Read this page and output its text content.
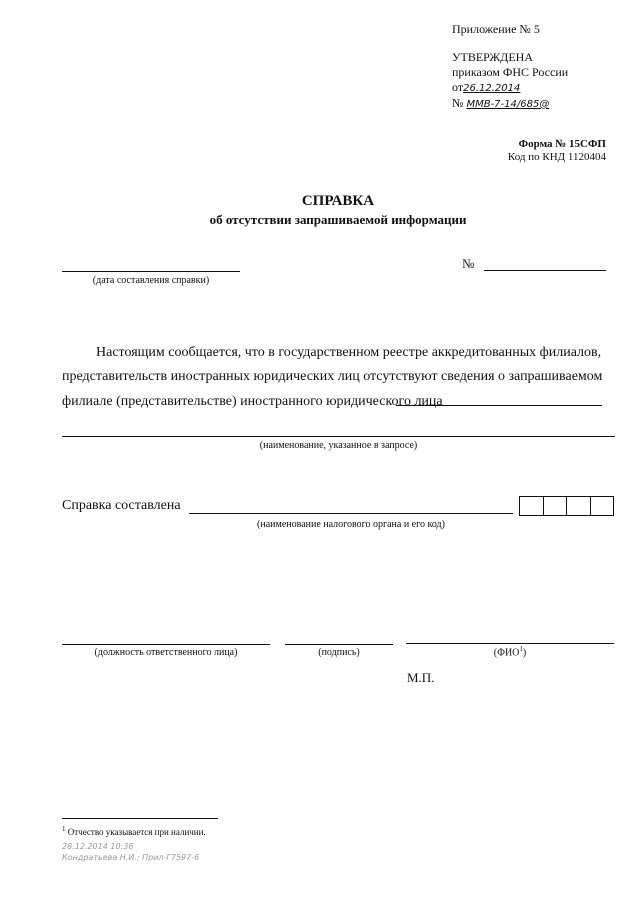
Приложение № 5
УТВЕРЖДЕНА
приказом ФНС России
от26.12.2014
№ ММВ-7-14/685@
Форма № 15СФП
Код по КНД 1120404
СПРАВКА
об отсутствии запрашиваемой информации
(дата составления справки)
№
Настоящим сообщается, что в государственном реестре аккредитованных филиалов,
представительств иностранных юридических лиц отсутствуют сведения о запрашиваемом
филиале (представительстве) иностранного юридического лица
(наименование, указанное в запросе)
Справка составлена
(наименование налогового органа и его код)
(должность ответственного лица)	(подпись)	(ФИО$^1$)
М.П.
$^1$ Отчество указывается при наличии.
28.12.2014 10:36
Кондратьева Н.И.; Прил-Г7597-6
